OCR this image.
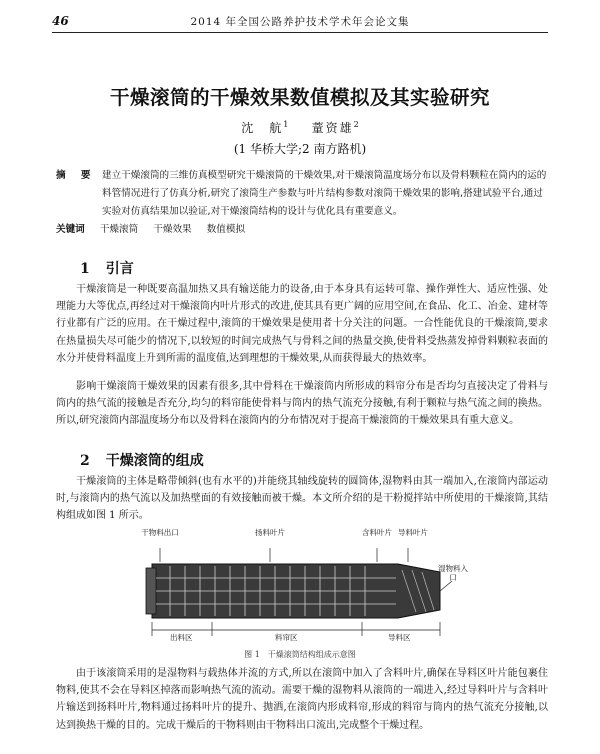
46	2014 年全国公路养护技术学术年会论文集
干燥滚筒的干燥效果数值模拟及其实验研究
沈　航$^1$ 蕫资雄$^2$
(1 华桥大学;2 南方路机)
摘 要 建立干燥滚筒的三维仿真模型研究干燥滚筒的干燥效果,对干燥滚筒温度场分布以及骨料颗粒在筒内的运的料管情况进行了仿真分析,研究了滚筒生产参数与叶片结构参数对滚筒干燥效果的影响,搭建试验平台,通过实验对仿真结果加以验证,对干燥滚筒结构的设计与优化具有重要意义。
关键词 干燥滚筒 干燥效果 数值模拟
1 引言

干燥滚筒是一种既要高温加热又具有输送能力的设备,由于本身具有运转可靠、操作弹性大、适应性强、处理能力大等优点,再经过对干燥滚筒内叶片形式的改进,使其具有更广阔的应用空间,在食品、化工、冶金、建材等行业都有广泛的应用。在干燥过程中,滚筒的干燥效果是使用者十分关注的问题。一合性能优良的干燥滚筒,要求在热量损失尽可能少的情况下,以较短的时间完成热气与骨料之间的热量交换,使骨料受热蒸发掉骨料颗粒表面的水分并使骨料温度上升到所需的温度值,达到理想的干燥效果,从而获得最大的热效率。

影响干燥滚筒干燥效果的因素有很多,其中骨料在干燥滚筒内所形成的料帘分布是否均匀直接决定了骨料与筒内的热气流的接触是否充分,均匀的料帘能使骨料与筒内的热气流充分接触,有利于颗粒与热气流之间的换热。所以,研究滚筒内部温度场分布以及骨料在滚筒内的分布情况对于提高干燥滚筒的干燥效果具有重大意义。

2 干燥滚筒的组成

干燥滚筒的主体是略带倾斜(也有水平的)并能绕其轴线旋转的圆筒体,湿物料由其一端加入,在滚筒内部运动时,与滚筒内的热气流以及加热壁面的有效接触而被干燥。本文所介绍的是干粉搅拌站中所使用的干燥滚筒,其结构组成如图 1 所示。

干物料出口	扬料叶片	含料叶片 导料叶片
湿物料入口
出料区	料帘区	导料区
图 1　干燥滚筒结构组成示意图

由于该滚筒采用的是湿物料与载热体并流的方式,所以在滚筒中加入了含料叶片,确保在导料区叶片能包裹住物料,使其不会在导料区掉落而影响热气流的流动。需要干燥的湿物料从滚筒的一端进入,经过导料叶片与含料叶片输送到扬料叶片,物料通过扬料叶片的提升、抛洒,在滚筒内形成料帘,形成的料帘与筒内的热气流充分接触,以达到换热干燥的目的。完成干燥后的干物料则由干物料出口流出,完成整个干燥过程。
